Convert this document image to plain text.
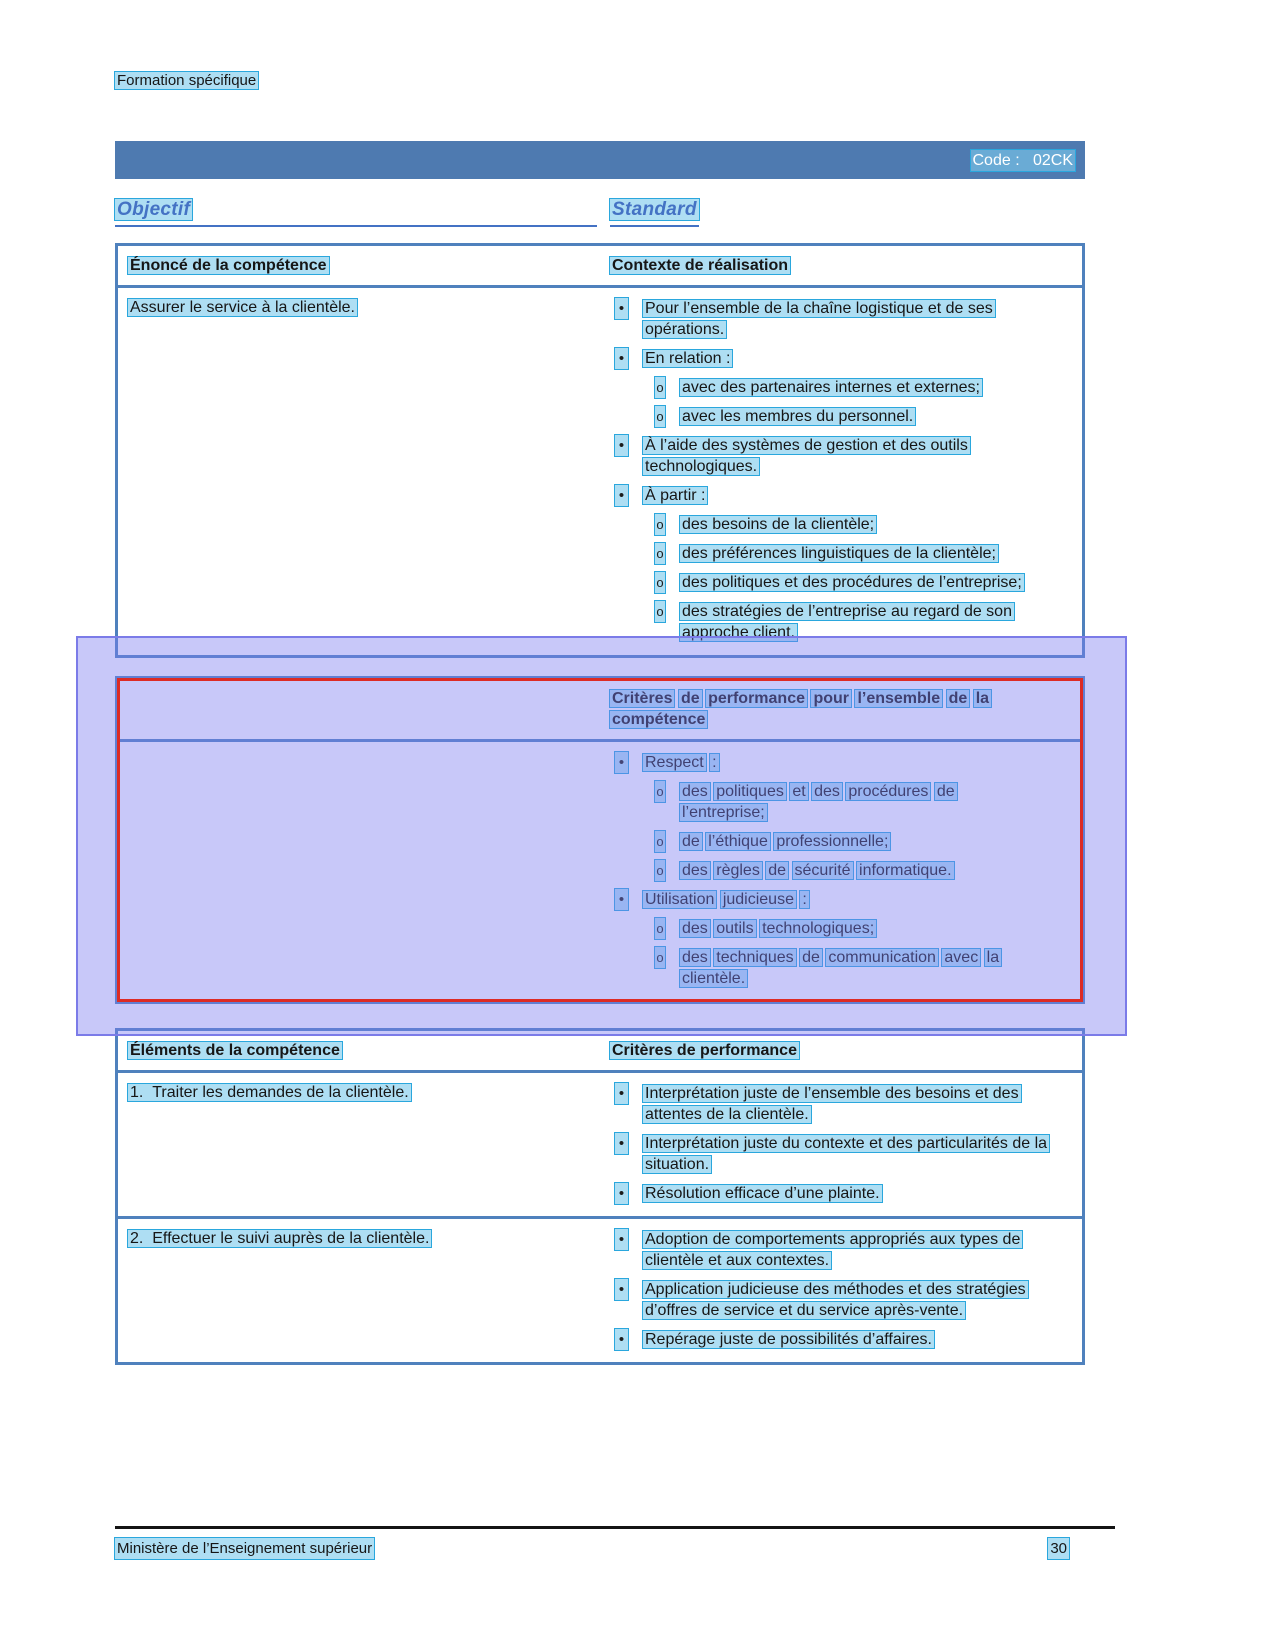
Formation spécifique
Code :   02CK
Objectif	Standard
Énoncé de la compétence	Contexte de réalisation
Assurer le service à la clientèle.	• Pour l’ensemble de la chaîne logistique et de ses opérations.
• En relation :
o avec des partenaires internes et externes;
o avec les membres du personnel.
• À l’aide des systèmes de gestion et des outils technologiques.
• À partir :
o des besoins de la clientèle;
o des préférences linguistiques de la clientèle;
o des politiques et des procédures de l’entreprise;
o des stratégies de l’entreprise au regard de son approche client.
Critères de performance pour l’ensemble de la compétence
• Respect :
o des politiques et des procédures de l’entreprise;
o de l’éthique professionnelle;
o des règles de sécurité informatique.
• Utilisation judicieuse :
o des outils technologiques;
o des techniques de communication avec la clientèle.
Éléments de la compétence	Critères de performance
1.  Traiter les demandes de la clientèle.	• Interprétation juste de l’ensemble des besoins et des attentes de la clientèle.
• Interprétation juste du contexte et des particularités de la situation.
• Résolution efficace d’une plainte.
2.  Effectuer le suivi auprès de la clientèle.	• Adoption de comportements appropriés aux types de clientèle et aux contextes.
• Application judicieuse des méthodes et des stratégies d’offres de service et du service après-vente.
• Repérage juste de possibilités d’affaires.
Ministère de l’Enseignement supérieur	30
